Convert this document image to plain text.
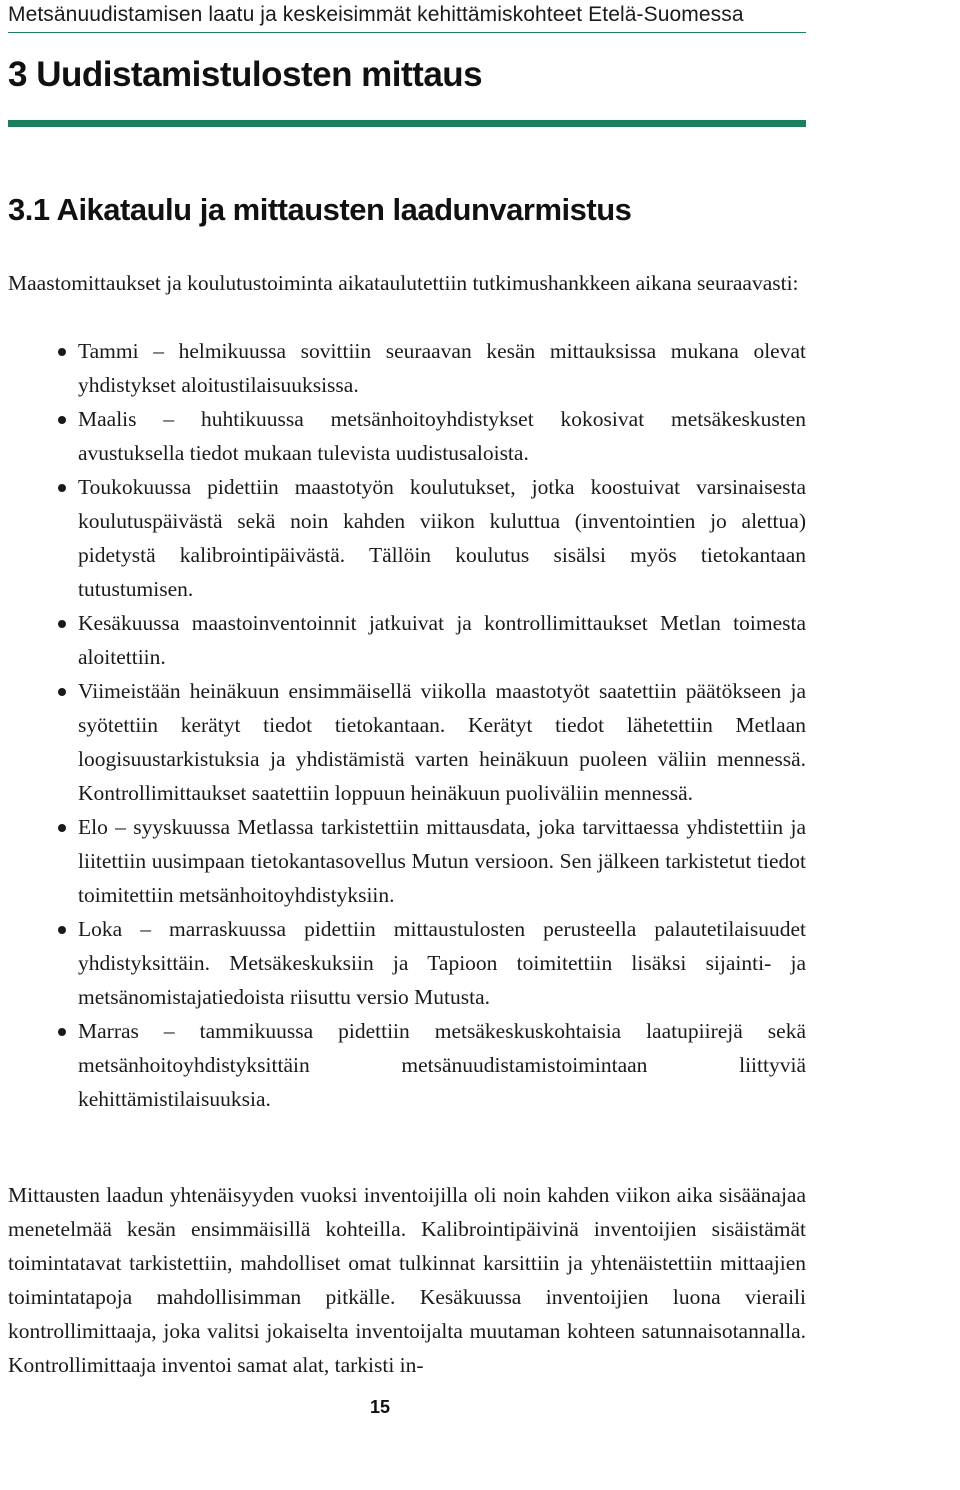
Metsänuudistamisen laatu ja keskeisimmät kehittämiskohteet Etelä-Suomessa
3 Uudistamistulosten mittaus
3.1 Aikataulu ja mittausten laadunvarmistus

Maastomittaukset ja koulutustoiminta aikataulutettiin tutkimushankkeen aikana seuraavasti:

Tammi – helmikuussa sovittiin seuraavan kesän mittauksissa mukana olevat yhdistykset aloitustilaisuuksissa.
Maalis – huhtikuussa metsänhoitoyhdistykset kokosivat metsäkeskusten avustuksella tiedot mukaan tulevista uudistusaloista.
Toukokuussa pidettiin maastotyön koulutukset, jotka koostuivat varsinaisesta koulutuspäivästä sekä noin kahden viikon kuluttua (inventointien jo alettua) pidetystä kalibrointipäivästä. Tällöin koulutus sisälsi myös tietokantaan tutustumisen.
Kesäkuussa maastoinventoinnit jatkuivat ja kontrollimittaukset Metlan toimesta aloitettiin.
Viimeistään heinäkuun ensimmäisellä viikolla maastotyöt saatettiin päätökseen ja syötettiin kerätyt tiedot tietokantaan. Kerätyt tiedot lähetettiin Metlaan loogisuustarkistuksia ja yhdistämistä varten heinäkuun puoleen väliin mennessä. Kontrollimittaukset saatettiin loppuun heinäkuun puoliväliin mennessä.
Elo – syyskuussa Metlassa tarkistettiin mittausdata, joka tarvittaessa yhdistettiin ja liitettiin uusimpaan tietokantasovellus Mutun versioon. Sen jälkeen tarkistetut tiedot toimitettiin metsänhoitoyhdistyksiin.
Loka – marraskuussa pidettiin mittaustulosten perusteella palautetilaisuudet yhdistyksittäin. Metsäkeskuksiin ja Tapioon toimitettiin lisäksi sijainti- ja metsänomistajatiedoista riisuttu versio Mutusta.
Marras – tammikuussa pidettiin metsäkeskuskohtaisia laatupiirejä sekä metsänhoitoyhdistyksittäin metsänuudistamistoimintaan liittyviä kehittämistilaisuuksia.

Mittausten laadun yhtenäisyyden vuoksi inventoijilla oli noin kahden viikon aika sisäänajaa menetelmää kesän ensimmäisillä kohteilla. Kalibrointipäivinä inventoijien sisäistämät toimintatavat tarkistettiin, mahdolliset omat tulkinnat karsittiin ja yhtenäistettiin mittaajien toimintatapoja mahdollisimman pitkälle. Kesäkuussa inventoijien luona vieraili kontrollimittaaja, joka valitsi jokaiselta inventoijalta muutaman kohteen satunnaisotannalla. Kontrollimittaaja inventoi samat alat, tarkisti in-

15
